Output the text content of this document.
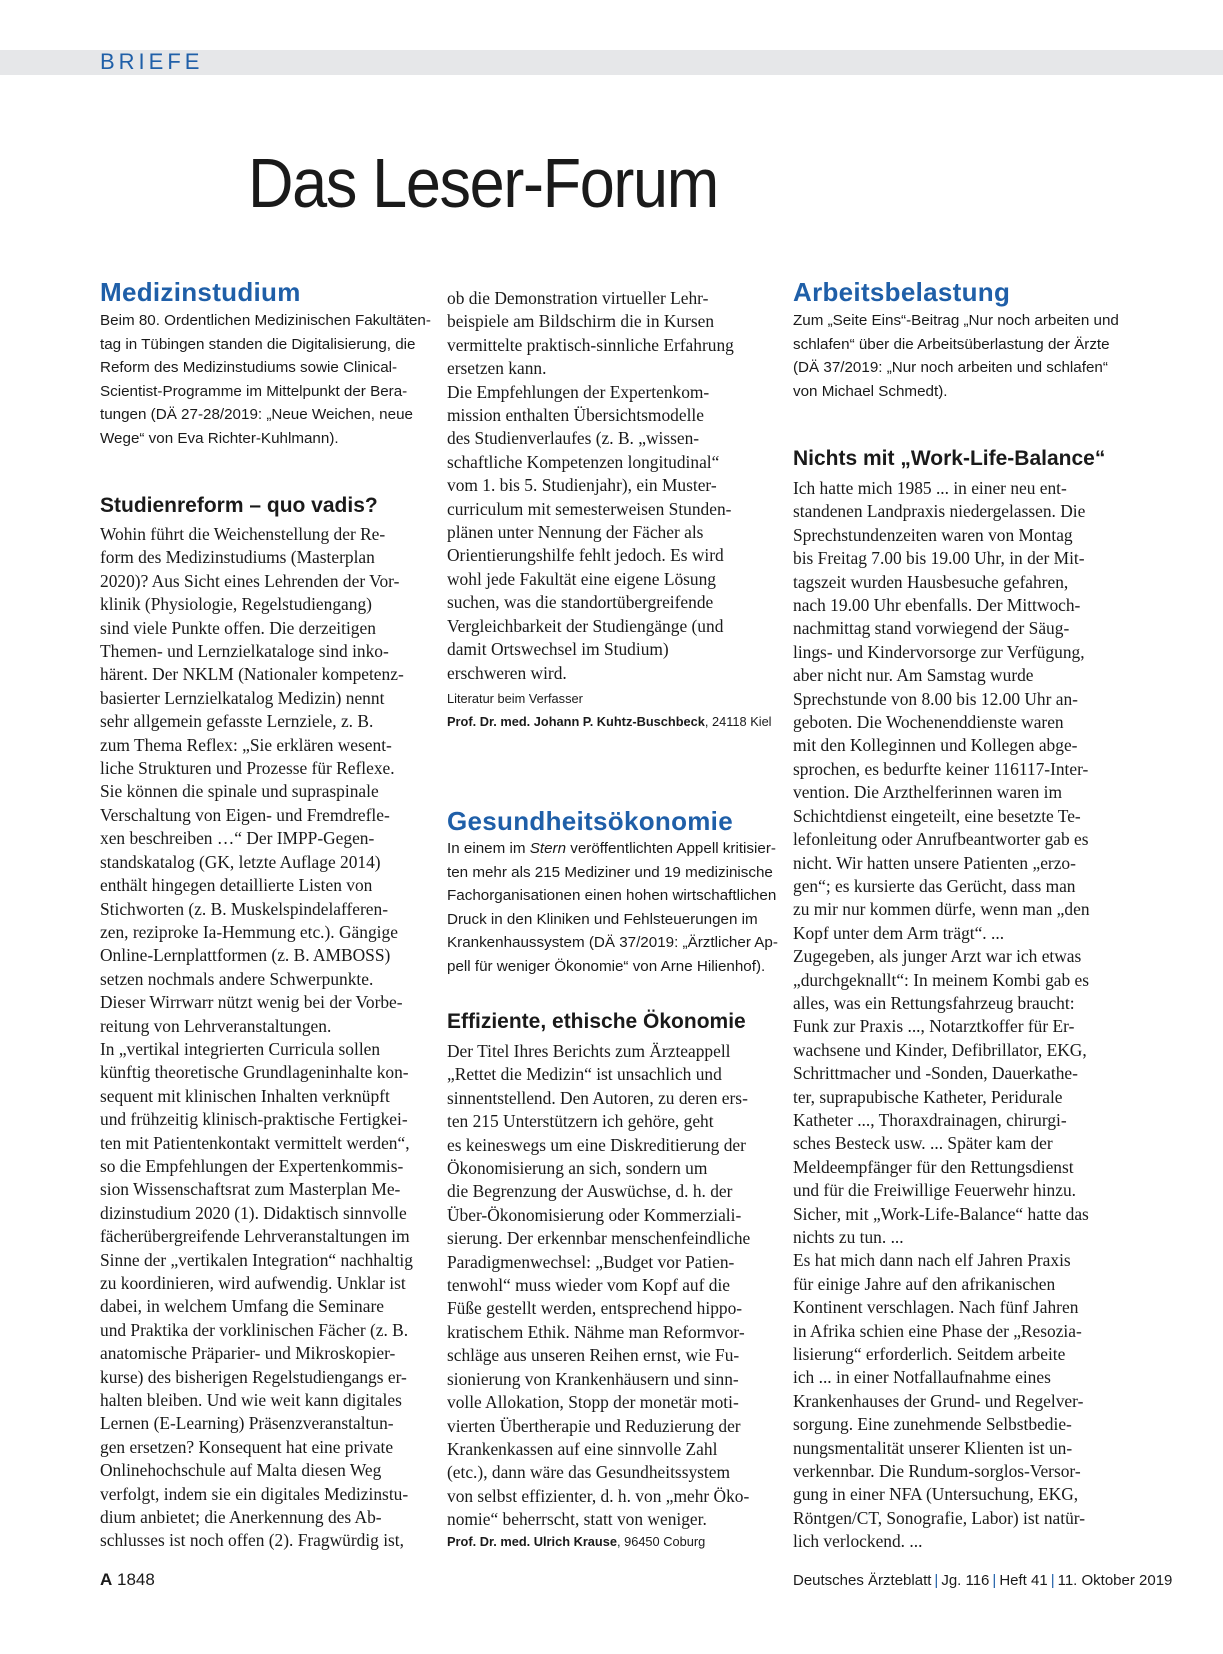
BRIEFE
Das Leser-Forum
Medizinstudium
Beim 80. Ordentlichen Medizinischen Fakultäten-
tag in Tübingen standen die Digitalisierung, die
Reform des Medizinstudiums sowie Clinical-
Scientist-Programme im Mittelpunkt der Bera-
tungen (DÄ 27-28/2019: „Neue Weichen, neue
Wege“ von Eva Richter-Kuhlmann).
Studienreform – quo vadis?
Wohin führt die Weichenstellung der Re-
form des Medizinstudiums (Masterplan
2020)? Aus Sicht eines Lehrenden der Vor-
klinik (Physiologie, Regelstudiengang)
sind viele Punkte offen. Die derzeitigen
Themen- und Lernzielkataloge sind inko-
härent. Der NKLM (Nationaler kompetenz-
basierter Lernzielkatalog Medizin) nennt
sehr allgemein gefasste Lernziele, z. B.
zum Thema Reflex: „Sie erklären wesent-
liche Strukturen und Prozesse für Reflexe.
Sie können die spinale und supraspinale
Verschaltung von Eigen- und Fremdrefle-
xen beschreiben …“ Der IMPP-Gegen-
standskatalog (GK, letzte Auflage 2014)
enthält hingegen detaillierte Listen von
Stichworten (z. B. Muskelspindelafferen-
zen, reziproke Ia-Hemmung etc.). Gängige
Online-Lernplattformen (z. B. AMBOSS)
setzen nochmals andere Schwerpunkte.
Dieser Wirrwarr nützt wenig bei der Vorbe-
reitung von Lehrveranstaltungen.
In „vertikal integrierten Curricula sollen
künftig theoretische Grundlageninhalte kon-
sequent mit klinischen Inhalten verknüpft
und frühzeitig klinisch-praktische Fertigkei-
ten mit Patientenkontakt vermittelt werden“,
so die Empfehlungen der Expertenkommis-
sion Wissenschaftsrat zum Masterplan Me-
dizinstudium 2020 (1). Didaktisch sinnvolle
fächerübergreifende Lehrveranstaltungen im
Sinne der „vertikalen Integration“ nachhaltig
zu koordinieren, wird aufwendig. Unklar ist
dabei, in welchem Umfang die Seminare
und Praktika der vorklinischen Fächer (z. B.
anatomische Präparier- und Mikroskopier-
kurse) des bisherigen Regelstudiengangs er-
halten bleiben. Und wie weit kann digitales
Lernen (E-Learning) Präsenzveranstaltun-
gen ersetzen? Konsequent hat eine private
Onlinehochschule auf Malta diesen Weg
verfolgt, indem sie ein digitales Medizinstu-
dium anbietet; die Anerkennung des Ab-
schlusses ist noch offen (2). Fragwürdig ist,
ob die Demonstration virtueller Lehr-
beispiele am Bildschirm die in Kursen
vermittelte praktisch-sinnliche Erfahrung
ersetzen kann.
Die Empfehlungen der Expertenkom-
mission enthalten Übersichtsmodelle
des Studienverlaufes (z. B. „wissen-
schaftliche Kompetenzen longitudinal“
vom 1. bis 5. Studienjahr), ein Muster-
curriculum mit semesterweisen Stunden-
plänen unter Nennung der Fächer als
Orientierungshilfe fehlt jedoch. Es wird
wohl jede Fakultät eine eigene Lösung
suchen, was die standortübergreifende
Vergleichbarkeit der Studiengänge (und
damit Ortswechsel im Studium)
erschweren wird.

Literatur beim Verfasser

Prof. Dr. med. Johann P. Kuhtz-Buschbeck, 24118 Kiel

Gesundheitsökonomie
In einem im Stern veröffentlichten Appell kritisier-
ten mehr als 215 Mediziner und 19 medizinische
Fachorganisationen einen hohen wirtschaftlichen
Druck in den Kliniken und Fehlsteuerungen im
Krankenhaussystem (DÄ 37/2019: „Ärztlicher Ap-
pell für weniger Ökonomie“ von Arne Hilienhof).
Effiziente, ethische Ökonomie
Der Titel Ihres Berichts zum Ärzteappell
„Rettet die Medizin“ ist unsachlich und
sinnentstellend. Den Autoren, zu deren ers-
ten 215 Unterstützern ich gehöre, geht
es keineswegs um eine Diskreditierung der
Ökonomisierung an sich, sondern um
die Begrenzung der Auswüchse, d. h. der
Über-Ökonomisierung oder Kommerziali-
sierung. Der erkennbar menschenfeindliche
Paradigmenwechsel: „Budget vor Patien-
tenwohl“ muss wieder vom Kopf auf die
Füße gestellt werden, entsprechend hippo-
kratischem Ethik. Nähme man Reformvor-
schläge aus unseren Reihen ernst, wie Fu-
sionierung von Krankenhäusern und sinn-
volle Allokation, Stopp der monetär moti-
vierten Übertherapie und Reduzierung der
Krankenkassen auf eine sinnvolle Zahl
(etc.), dann wäre das Gesundheitssystem
von selbst effizienter, d. h. von „mehr Öko-
nomie“ beherrscht, statt von weniger.

Prof. Dr. med. Ulrich Krause, 96450 Coburg

Arbeitsbelastung
Zum „Seite Eins“-Beitrag „Nur noch arbeiten und
schlafen“ über die Arbeitsüberlastung der Ärzte
(DÄ 37/2019: „Nur noch arbeiten und schlafen“
von Michael Schmedt).
Nichts mit „Work-Life-Balance“
Ich hatte mich 1985 ... in einer neu ent-
standenen Landpraxis niedergelassen. Die
Sprechstundenzeiten waren von Montag
bis Freitag 7.00 bis 19.00 Uhr, in der Mit-
tagszeit wurden Hausbesuche gefahren,
nach 19.00 Uhr ebenfalls. Der Mittwoch-
nachmittag stand vorwiegend der Säug-
lings- und Kindervorsorge zur Verfügung,
aber nicht nur. Am Samstag wurde
Sprechstunde von 8.00 bis 12.00 Uhr an-
geboten. Die Wochenenddienste waren
mit den Kolleginnen und Kollegen abge-
sprochen, es bedurfte keiner 116117-Inter-
vention. Die Arzthelferinnen waren im
Schichtdienst eingeteilt, eine besetzte Te-
lefonleitung oder Anrufbeantworter gab es
nicht. Wir hatten unsere Patienten „erzo-
gen“; es kursierte das Gerücht, dass man
zu mir nur kommen dürfe, wenn man „den
Kopf unter dem Arm trägt“. ...
Zugegeben, als junger Arzt war ich etwas
„durchgeknallt“: In meinem Kombi gab es
alles, was ein Rettungsfahrzeug braucht:
Funk zur Praxis ..., Notarztkoffer für Er-
wachsene und Kinder, Defibrillator, EKG,
Schrittmacher und -Sonden, Dauerkathe-
ter, suprapubische Katheter, Peridurale
Katheter ..., Thoraxdrainagen, chirurgi-
sches Besteck usw. ... Später kam der
Meldeempfänger für den Rettungsdienst
und für die Freiwillige Feuerwehr hinzu.
Sicher, mit „Work-Life-Balance“ hatte das
nichts zu tun. ...
Es hat mich dann nach elf Jahren Praxis
für einige Jahre auf den afrikanischen
Kontinent verschlagen. Nach fünf Jahren
in Afrika schien eine Phase der „Resozia-
lisierung“ erforderlich. Seitdem arbeite
ich ... in einer Notfallaufnahme eines
Krankenhauses der Grund- und Regelver-
sorgung. Eine zunehmende Selbstbedie-
nungsmentalität unserer Klienten ist un-
verkennbar. Die Rundum-sorglos-Versor-
gung in einer NFA (Untersuchung, EKG,
Röntgen/CT, Sonografie, Labor) ist natür-
lich verlockend. ...
A 1848	Deutsches Ärzteblatt | Jg. 116 | Heft 41 | 11. Oktober 2019
